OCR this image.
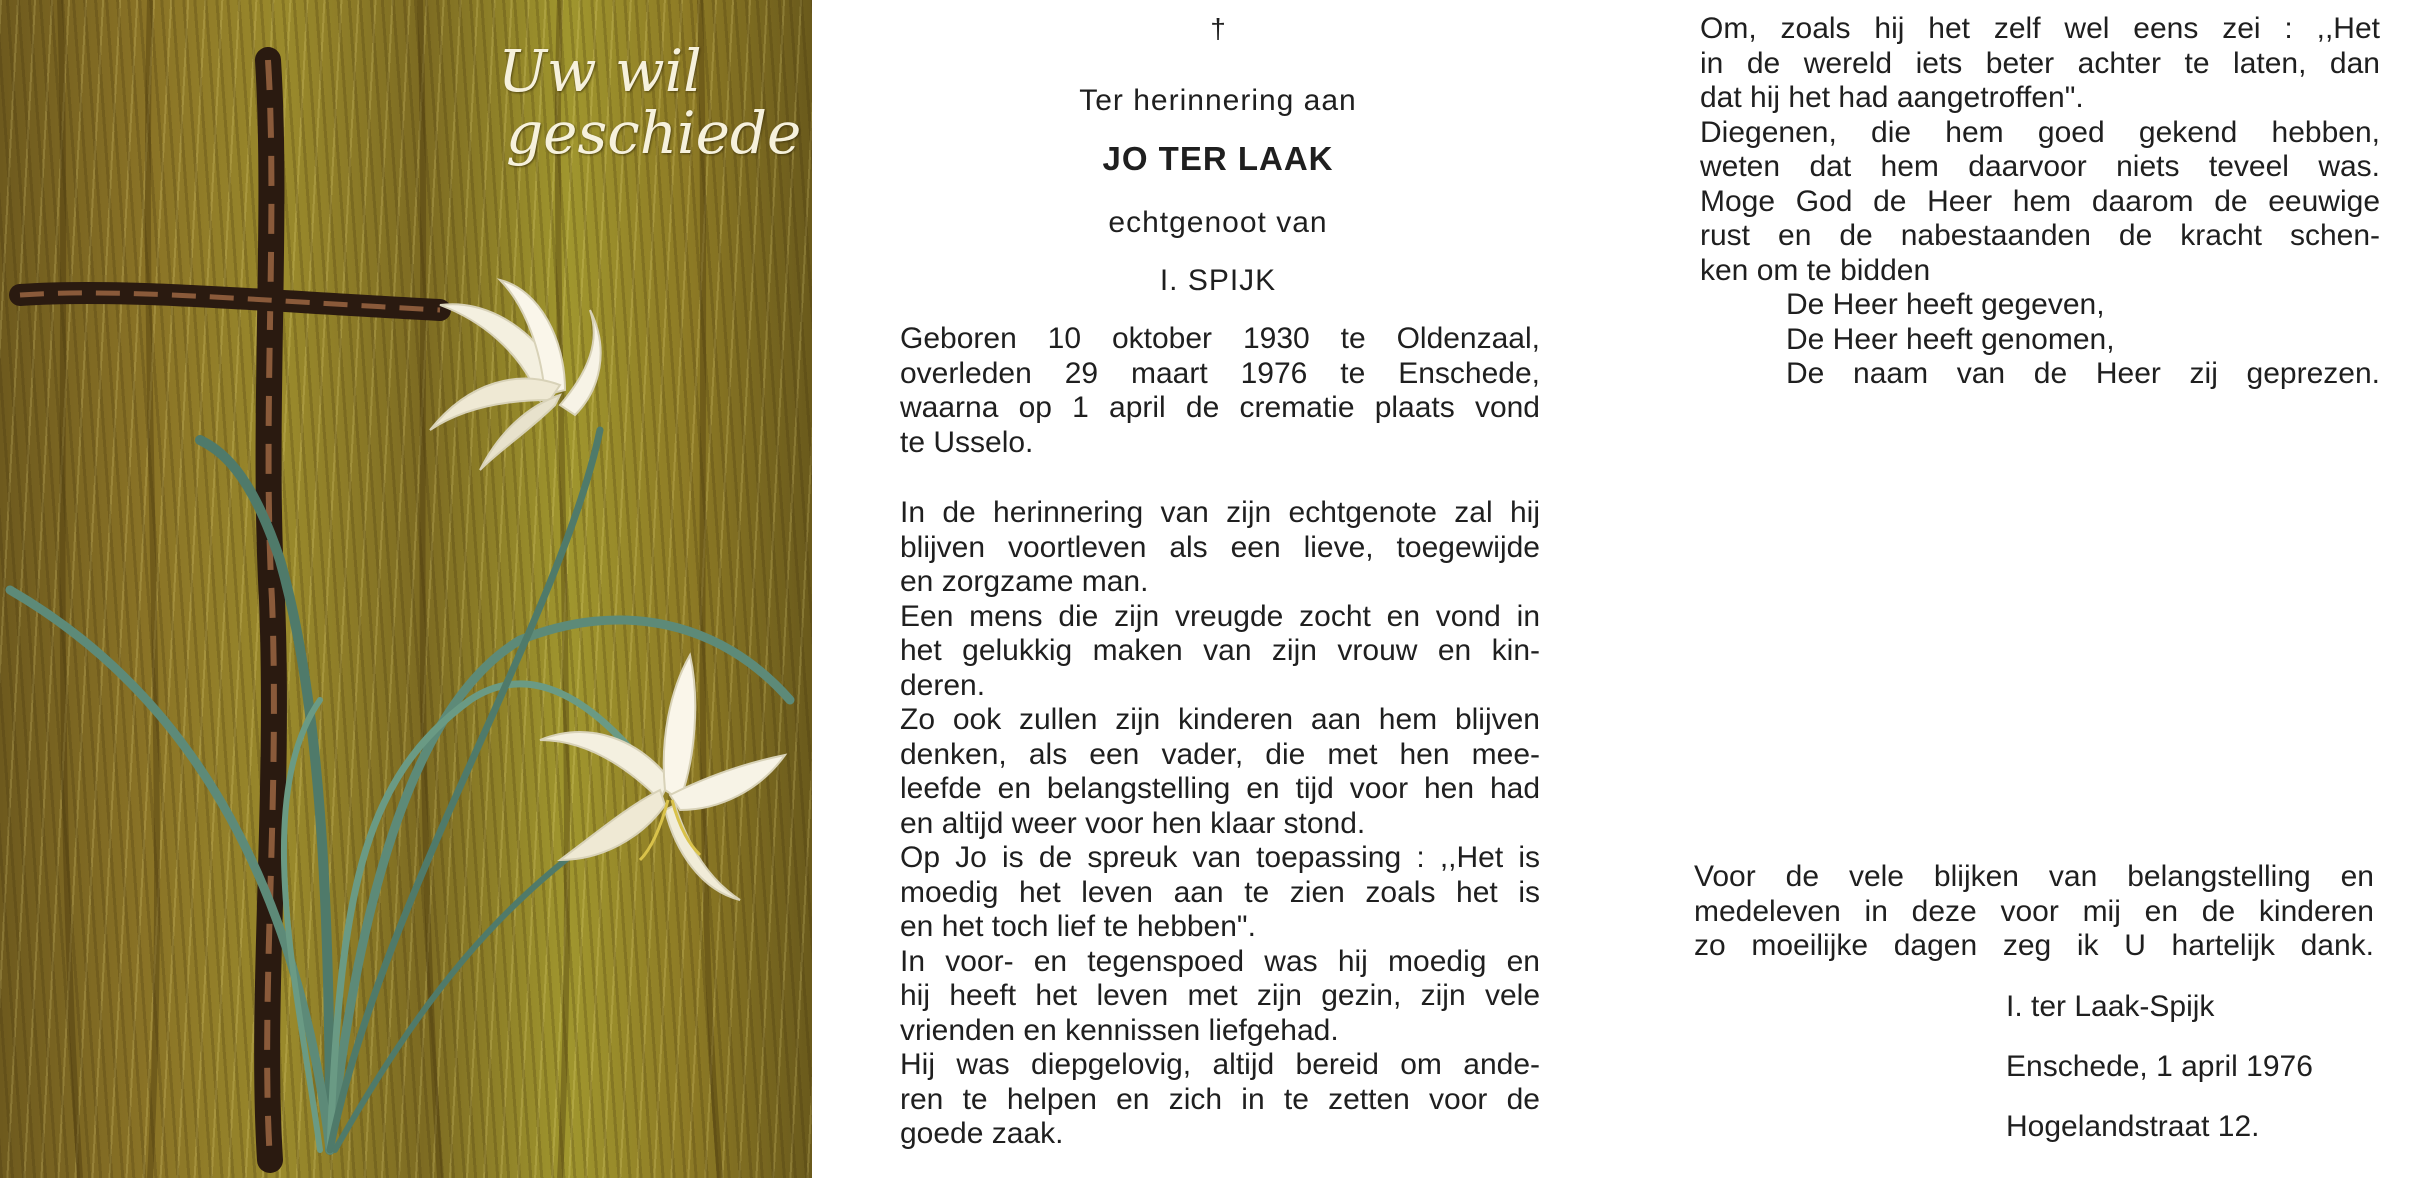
Uw wil
geschiede
†
Ter herinnering aan
JO TER LAAK
echtgenoot van
I. SPIJK
Geboren 10 oktober 1930 te Oldenzaal,
overleden 29 maart 1976 te Enschede,
waarna op 1 april de crematie plaats vond
te Usselo.
In de herinnering van zijn echtgenote zal hij
blijven voortleven als een lieve, toegewijde
en zorgzame man.
Een mens die zijn vreugde zocht en vond in
het gelukkig maken van zijn vrouw en kin-
deren.
Zo ook zullen zijn kinderen aan hem blijven
denken, als een vader, die met hen mee-
leefde en belangstelling en tijd voor hen had
en altijd weer voor hen klaar stond.
Op Jo is de spreuk van toepassing : ,,Het is
moedig het leven aan te zien zoals het is
en het toch lief te hebben".
In voor- en tegenspoed was hij moedig en
hij heeft het leven met zijn gezin, zijn vele
vrienden en kennissen liefgehad.
Hij was diepgelovig, altijd bereid om ande-
ren te helpen en zich in te zetten voor de
goede zaak.
Om, zoals hij het zelf wel eens zei : ,,Het
in de wereld iets beter achter te laten, dan
dat hij het had aangetroffen".
Diegenen, die hem goed gekend hebben,
weten dat hem daarvoor niets teveel was.
Moge God de Heer hem daarom de eeuwige
rust en de nabestaanden de kracht schen-
ken om te bidden
De Heer heeft gegeven,
De Heer heeft genomen,
De naam van de Heer zij geprezen.
Voor de vele blijken van belangstelling en
medeleven in deze voor mij en de kinderen
zo moeilijke dagen zeg ik U hartelijk dank.
I. ter Laak-Spijk
Enschede, 1 april 1976
Hogelandstraat 12.
